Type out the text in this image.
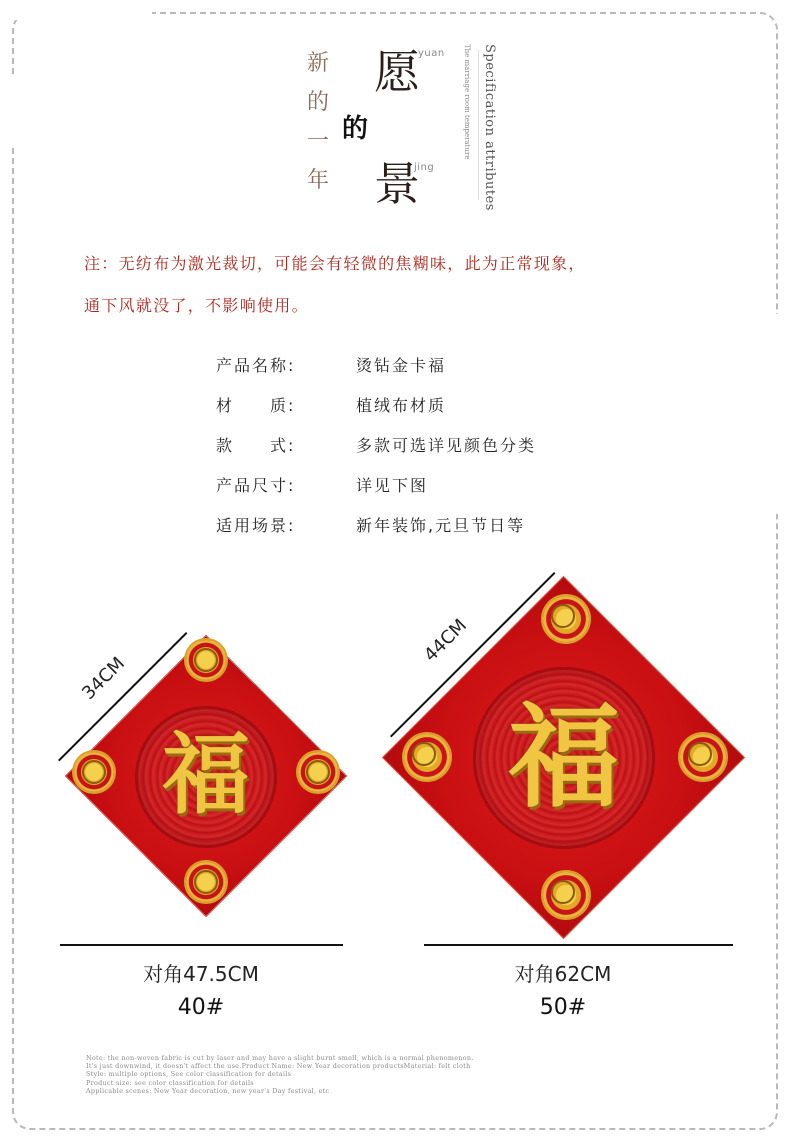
新
的
一
年
愿
yuan
的
jing
景	Specification attributes
The marriage room temperature
注：无纺布为激光裁切，可能会有轻微的焦糊味，此为正常现象，
通下风就没了，不影响使用。
产品名称:	烫钻金卡福
材　　质:	植绒布材质
款　　式:	多款可选详见颜色分类
产品尺寸:	详见下图
适用场景:	新年装饰,元旦节日等
34CM
福
对角47.5CM
40#
44CM
福
对角62CM
50#
Note: the non-woven fabric is cut by laser and may have a slight burnt smell, which is a normal phenomenon.
It's just downwind, it doesn't affect the use.Product Name: New Year decoration productsMaterial: felt cloth
Style: multiple options, See color classification for details
Product size: see color classification for details
Applicable scenes: New Year decoration, new year's Day festival, etc
